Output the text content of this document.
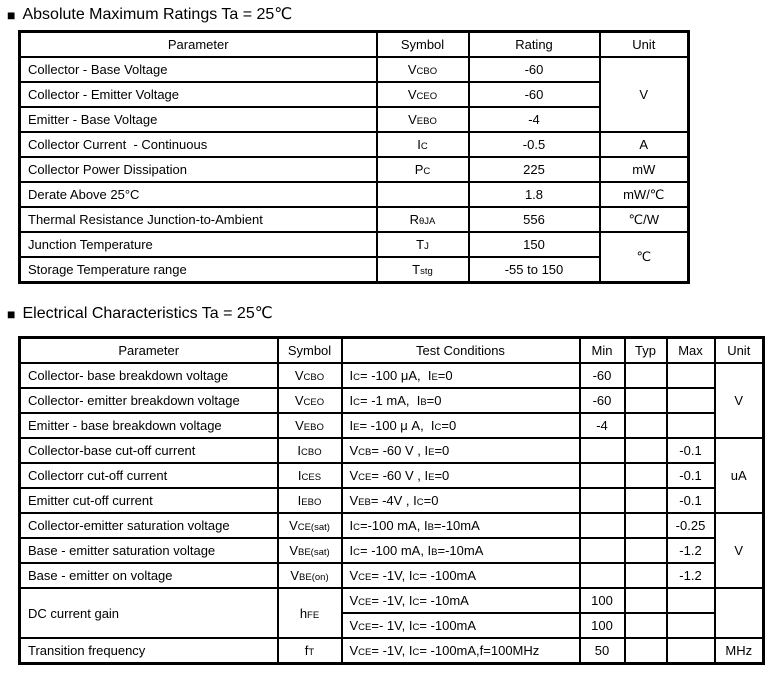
■ Absolute Maximum Ratings Ta = 25℃
Parameter	Symbol	Rating	Unit
Collector - Base Voltage	VCBO	-60	V
Collector - Emitter Voltage	VCEO	-60	
Emitter - Base Voltage	VEBO	-4	
Collector Current  - Continuous	IC	-0.5	A
Collector Power Dissipation	PC	225	mW
Derate Above 25°C		1.8	mW/℃
Thermal Resistance Junction-to-Ambient	RθJA	556	℃/W
Junction Temperature	TJ	150	℃
Storage Temperature range	Tstg	-55 to 150	
■ Electrical Characteristics Ta = 25℃
Parameter	Symbol	Test Conditions	Min	Typ	Max	Unit
Collector- base breakdown voltage	VCBO	IC= -100 μA,  IE=0	-60			V
Collector- emitter breakdown voltage	VCEO	IC= -1 mA,  IB=0	-60			
Emitter - base breakdown voltage	VEBO	IE= -100 μ A,  IC=0	-4			
Collector-base cut-off current	ICBO	VCB= -60 V , IE=0			-0.1	uA
Collectorr cut-off current	ICES	VCE= -60 V , IE=0			-0.1	
Emitter cut-off current	IEBO	VEB= -4V , IC=0			-0.1	
Collector-emitter saturation voltage	VCE(sat)	IC=-100 mA, IB=-10mA			-0.25	V
Base - emitter saturation voltage	VBE(sat)	IC= -100 mA, IB=-10mA			-1.2	
Base - emitter on voltage	VBE(on)	VCE= -1V, IC= -100mA			-1.2	
DC current gain	hFE	VCE= -1V, IC= -10mA	100			
		VCE=- 1V, IC= -100mA	100			
Transition frequency	fT	VCE= -1V, IC= -100mA,f=100MHz	50			MHz
